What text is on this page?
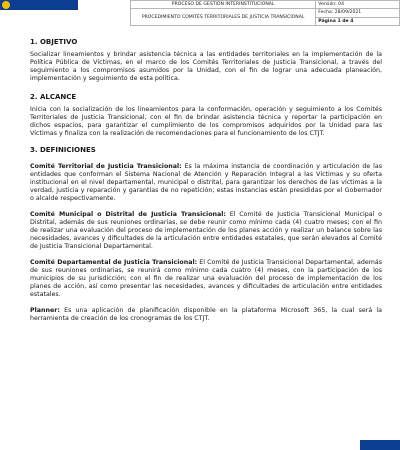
PROCESO DE GESTIÓN INTERINSTITUCIONAL	Versión: 04
PROCEDIMIENTO COMITÉS TERRITORIALES DE JUSTICIA TRANSICIONAL	Fecha: 28/09/2021
	Página 1 de 4
1. OBJETIVO

Socializar lineamientos y brindar asistencia técnica a las entidades territoriales en la implementación de la Política Pública de Víctimas, en el marco de los Comités Territoriales de Justicia Transicional, a través del seguimiento a los compromisos asumidos por la Unidad, con el fin de lograr una adecuada planeación, implementación y seguimiento de esta política.

2. ALCANCE

Inicia con la socialización de los lineamientos para la conformación, operación y seguimiento a los Comités Territoriales de Justicia Transicional, con el fin de brindar asistencia técnica y reportar la participación en dichos espacios, para garantizar el cumplimiento de los compromisos adquiridos por la Unidad para las Víctimas y finaliza con la realización de recomendaciones para el funcionamiento de los CTJT.

3. DEFINICIONES

Comité Territorial de Justicia Transicional: Es la máxima instancia de coordinación y articulación de las entidades que conforman el Sistema Nacional de Atención y Reparación Integral a las Víctimas y su oferta institucional en el nivel departamental, municipal o distrital, para garantizar los derechos de las víctimas a la verdad, justicia y reparación y garantías de no repetición; estas instancias están presididas por el Gobernador o alcalde respectivamente.

Comité Municipal o Distrital de Justicia Transicional: El Comité de Justicia Transicional Municipal o Distrital, además de sus reuniones ordinarias, se debe reunir como mínimo cada (4) cuatro meses; con el fin de realizar una evaluación del proceso de implementación de los planes acción y realizar un balance sobre las necesidades, avances y dificultades de la articulación entre entidades estatales, que serán elevados al Comité de Justicia Transicional Departamental.

Comité Departamental de Justicia Transicional: El Comité de Justicia Transicional Departamental, además de sus reuniones ordinarias, se reunirá como mínimo cada cuatro (4) meses, con la participación de los municipios de su jurisdicción; con el fin de realizar una evaluación del proceso de implementación de los planes de acción, así como presentar las necesidades, avances y dificultades de articulación entre entidades estatales.

Planner: Es una aplicación de planificación disponible en la plataforma Microsoft 365, la cual será la herramienta de creación de los cronogramas de los CTJT.
